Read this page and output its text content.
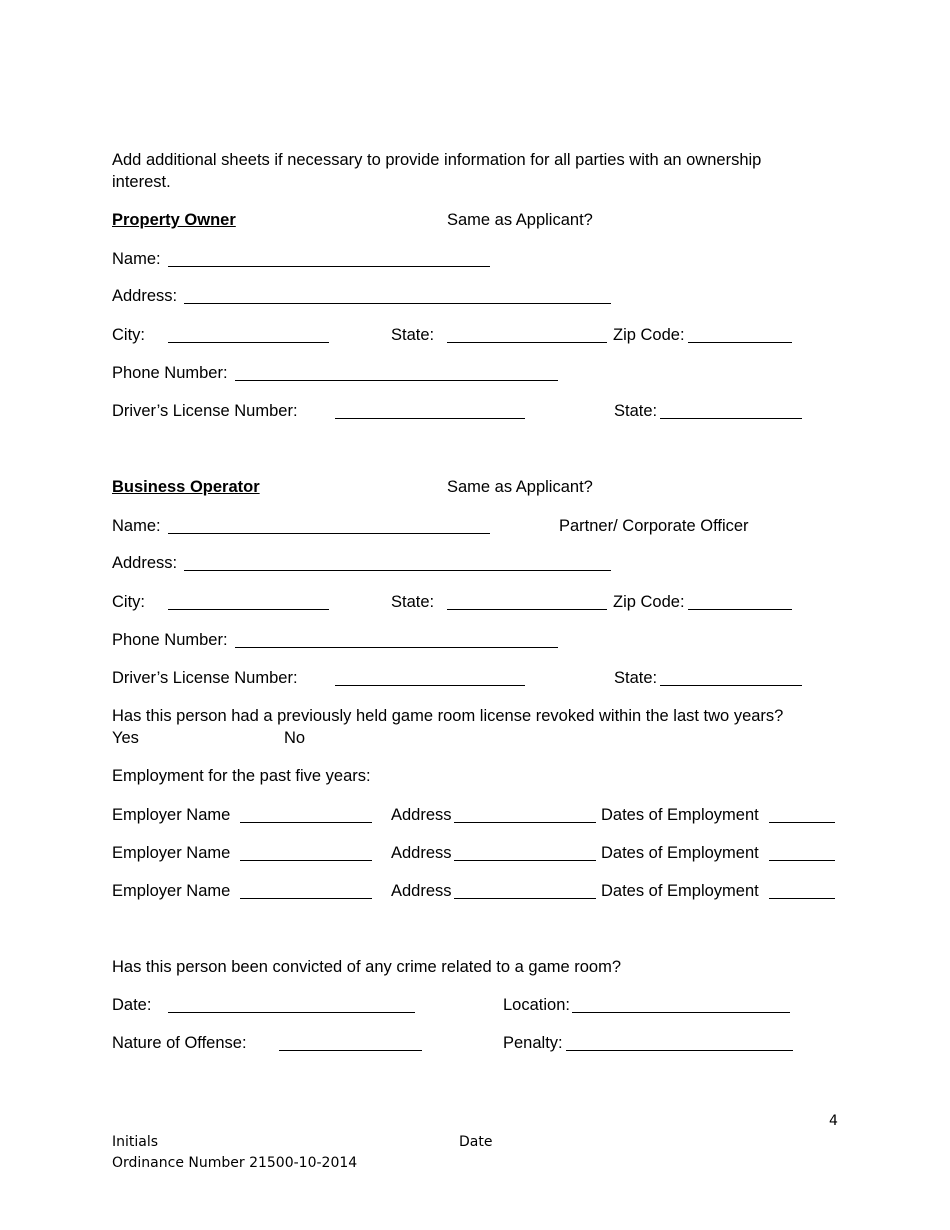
Add additional sheets if necessary to provide information for all parties with an ownership
interest.
Property Owner	Same as Applicant?
Name:
Address:
City:	State:	Zip Code:
Phone Number:
Driver’s License Number:	State:
Business Operator	Same as Applicant?
Name:	Partner/ Corporate Officer
Address:
City:	State:	Zip Code:
Phone Number:
Driver’s License Number:	State:
Has this person had a previously held game room license revoked within the last two years?
Yes	No
Employment for the past five years:
Employer Name	Address	Dates of Employment
Employer Name	Address	Dates of Employment
Employer Name	Address	Dates of Employment
Has this person been convicted of any crime related to a game room?
Date:	Location:
Nature of Offense:	Penalty:
4
Initials	Date
Ordinance Number 21500-10-2014
